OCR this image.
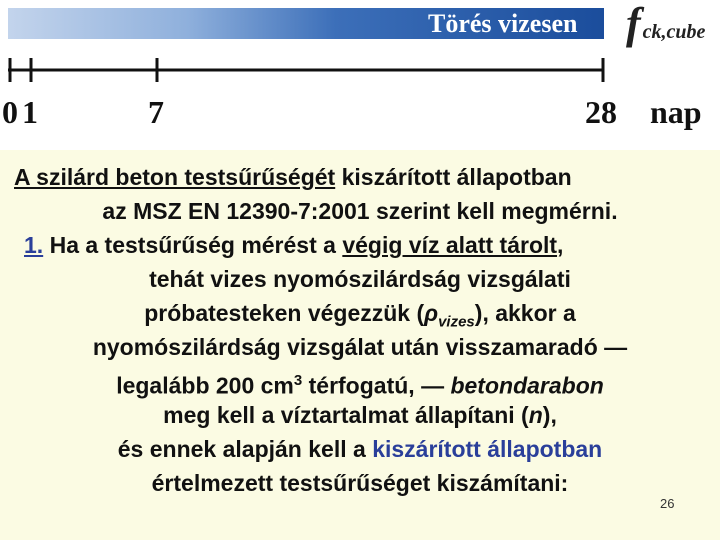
Törés vizesen fck,cube
0 1	7	28 nap
A szilárd beton testsűrűségét kiszárított állapotban
az MSZ EN 12390-7:2001 szerint kell megmérni.
1. Ha a testsűrűség mérést a végig víz alatt tárolt,
tehát vizes nyomószilárdság vizsgálati
próbatesteken végezzük $(\rho_{vizes})$, akkor a
nyomószilárdság vizsgálat után visszamaradó —
legalább 200 $cm^3$ térfogatú, — betondarabon
meg kell a víztartalmat állapítani (n),
és ennek alapján kell a kiszárított állapotban
értelmezett testsűrűséget kiszámítani:
26
